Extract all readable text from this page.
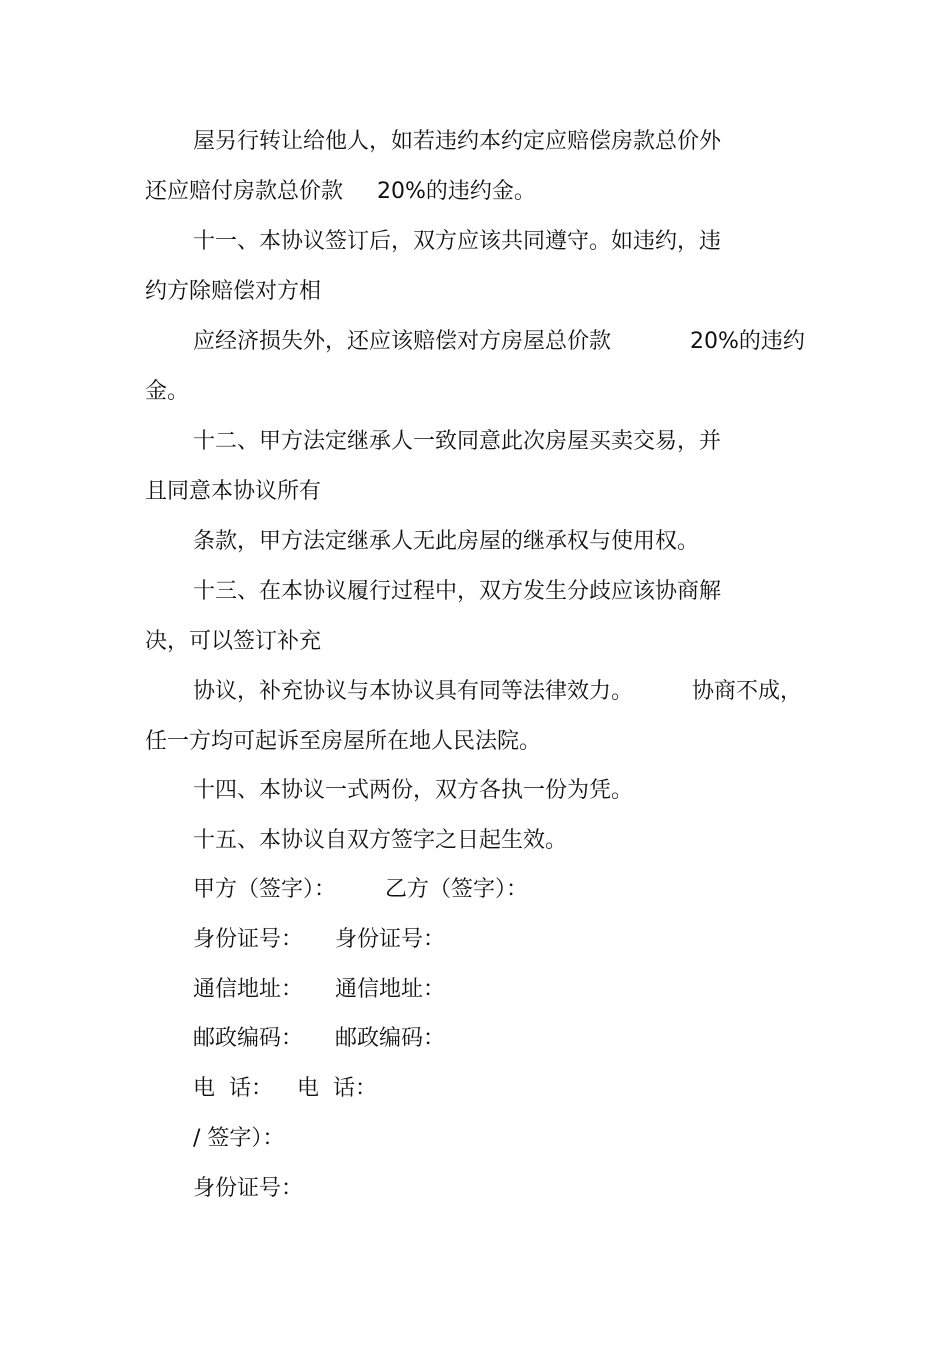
屋另行转让给他人，如若违约本约定应赔偿房款总价外
还应赔付房款总价款 20%的违约金。
十一、本协议签订后，双方应该共同遵守。如违约，违
约方除赔偿对方相
应经济损失外，还应该赔偿对方房屋总价款	20%的违约
金。
十二、甲方法定继承人一致同意此次房屋买卖交易，并
且同意本协议所有
条款，甲方法定继承人无此房屋的继承权与使用权。
十三、在本协议履行过程中，双方发生分歧应该协商解
决，可以签订补充
协议，补充协议与本协议具有同等法律效力。	协商不成，
任一方均可起诉至房屋所在地人民法院。
十四、本协议一式两份，双方各执一份为凭。
十五、本协议自双方签字之日起生效。
甲方（签字）： 乙方（签字）：
身份证号： 身份证号：
通信地址： 通信地址：
邮政编码： 邮政编码：
电  话： 电  话：
/ 签字）：
身份证号：
